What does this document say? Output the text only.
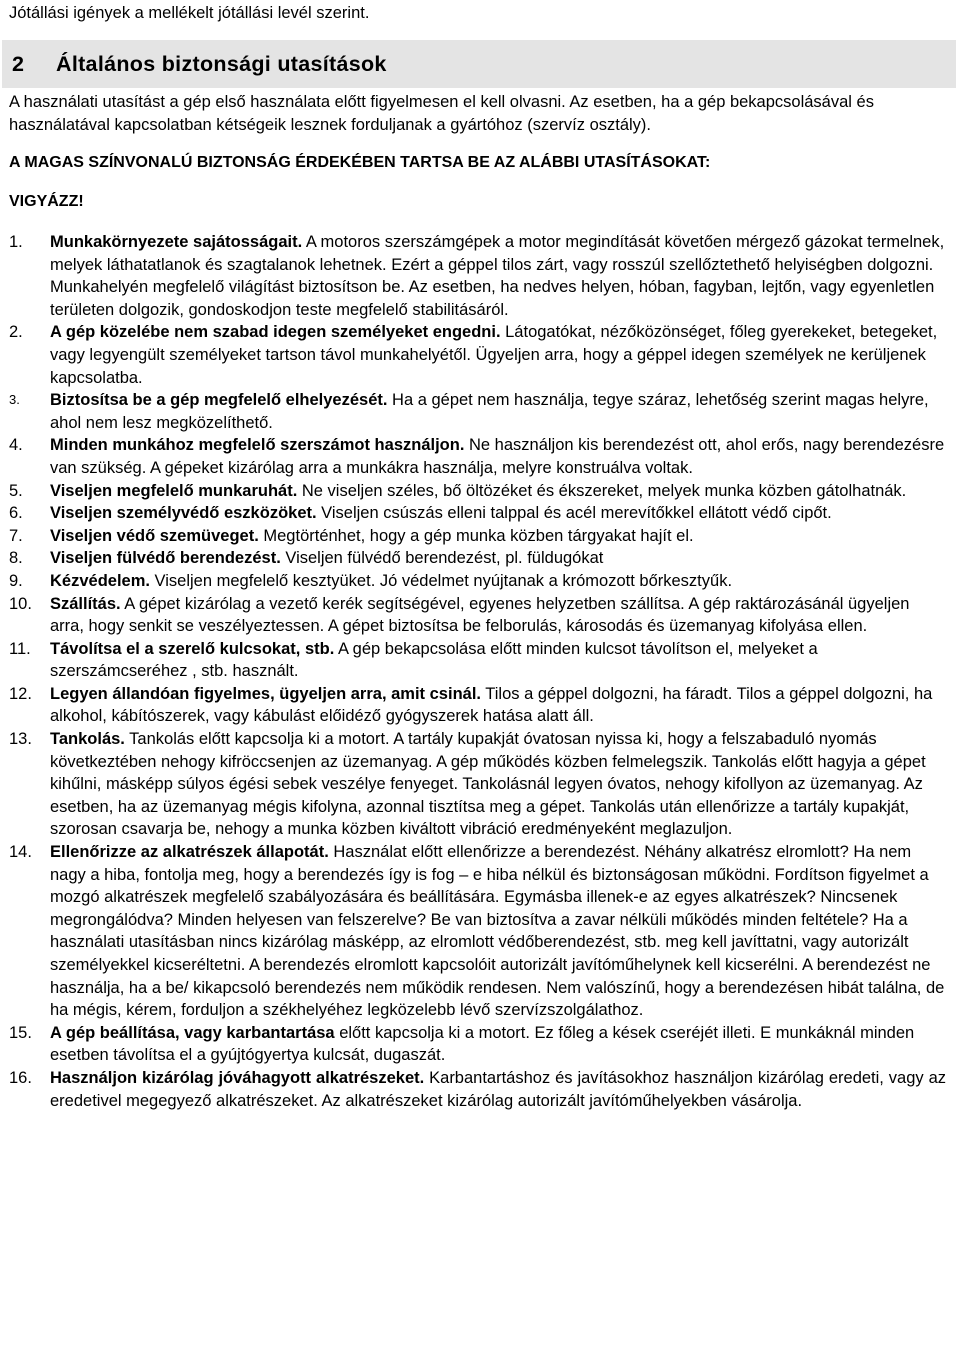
Jótállási igények a mellékelt jótállási levél szerint.
2	Általános biztonsági utasítások

A használati utasítást a gép első használata előtt figyelmesen el kell olvasni. Az esetben, ha a gép bekapcsolásával és használatával kapcsolatban kétségeik lesznek forduljanak a gyártóhoz (szervíz osztály).

A MAGAS SZÍNVONALÚ BIZTONSÁG ÉRDEKÉBEN TARTSA BE AZ ALÁBBI UTASÍTÁSOKAT:

VIGYÁZZ!

1.	Munkakörnyezete sajátosságait. A motoros szerszámgépek a motor megindítását követően mérgező gázokat termelnek, melyek láthatatlanok és szagtalanok lehetnek. Ezért a géppel tilos zárt, vagy rosszúl szellőztethető helyiségben dolgozni. Munkahelyén megfelelő világítást biztosítson be. Az esetben, ha nedves helyen, hóban, fagyban, lejtőn, vagy egyenletlen területen dolgozik, gondoskodjon teste megfelelő stabilitásáról.
2.	A gép közelébe nem szabad idegen személyeket engedni. Látogatókat, nézőközönséget, főleg gyerekeket, betegeket, vagy legyengült személyeket tartson távol munkahelyétől. Ügyeljen arra, hogy a géppel idegen személyek ne kerüljenek kapcsolatba.
3.	Biztosítsa be a gép megfelelő elhelyezését. Ha a gépet nem használja, tegye száraz, lehetőség szerint magas helyre, ahol nem lesz megközelíthető.
4.	Minden munkához megfelelő szerszámot használjon. Ne használjon kis berendezést ott, ahol erős, nagy berendezésre van szükség. A gépeket kizárólag arra a munkákra használja, melyre konstruálva voltak.
5.	Viseljen megfelelő munkaruhát. Ne viseljen széles, bő öltözéket és ékszereket, melyek munka közben gátolhatnák.
6.	Viseljen személyvédő eszközöket. Viseljen csúszás elleni talppal és acél merevítőkkel ellátott védő cipőt.
7.	Viseljen védő szemüveget. Megtörténhet, hogy a gép munka közben tárgyakat hajít el.
8.	Viseljen fülvédő berendezést. Viseljen fülvédő berendezést, pl. füldugókat
9.	Kézvédelem. Viseljen megfelelő kesztyüket. Jó védelmet nyújtanak a krómozott bőrkesztyűk.
10.	Szállítás. A gépet kizárólag a vezető kerék segítségével, egyenes helyzetben szállítsa. A gép raktározásánál ügyeljen arra, hogy senkit se veszélyeztessen. A gépet biztosítsa be felborulás, károsodás és üzemanyag kifolyása ellen.
11.	Távolítsa el a szerelő kulcsokat, stb. A gép bekapcsolása előtt minden kulcsot távolítson el, melyeket a szerszámcseréhez , stb. használt.
12.	Legyen állandóan figyelmes, ügyeljen arra, amit csinál. Tilos a géppel dolgozni, ha fáradt. Tilos a géppel dolgozni, ha alkohol, kábítószerek, vagy kábulást előidéző gyógyszerek hatása alatt áll.
13.	Tankolás. Tankolás előtt kapcsolja ki a motort. A tartály kupakját óvatosan nyissa ki, hogy a felszabaduló nyomás következtében nehogy kifröccsenjen az üzemanyag. A gép működés közben felmelegszik. Tankolás előtt hagyja a gépet kihűlni, másképp súlyos égési sebek veszélye fenyeget. Tankolásnál legyen óvatos, nehogy kifollyon az üzemanyag. Az esetben, ha az üzemanyag mégis kifolyna, azonnal tisztítsa meg a gépet. Tankolás után ellenőrizze a tartály kupakját, szorosan csavarja be, nehogy a munka közben kiváltott vibráció eredményeként meglazuljon.
14.	Ellenőrizze az alkatrészek állapotát. Használat előtt ellenőrizze a berendezést. Néhány alkatrész elromlott? Ha nem nagy a hiba, fontolja meg, hogy a berendezés így is fog – e hiba nélkül és biztonságosan működni. Fordítson figyelmet a mozgó alkatrészek megfelelő szabályozására és beállítására. Egymásba illenek-e az egyes alkatrészek? Nincsenek megrongálódva? Minden helyesen van felszerelve? Be van biztosítva a zavar nélküli működés minden feltétele? Ha a használati utasításban nincs kizárólag másképp, az elromlott védőberendezést, stb. meg kell javíttatni, vagy autorizált személyekkel kicseréltetni. A berendezés elromlott kapcsolóit autorizált javítóműhelynek kell kicserélni. A berendezést ne használja, ha a be/ kikapcsoló berendezés nem működik rendesen. Nem valószínű, hogy a berendezésen hibát találna, de ha mégis, kérem, forduljon a székhelyéhez legközelebb lévő szervízszolgálathoz.
15.	A gép beállítása, vagy karbantartása előtt kapcsolja ki a motort. Ez főleg a kések cseréjét illeti. E munkáknál minden esetben távolítsa el a gyújtógyertya kulcsát, dugaszát.
16.	Használjon kizárólag jóváhagyott alkatrészeket. Karbantartáshoz és javításokhoz használjon kizárólag eredeti, vagy az eredetivel megegyező alkatrészeket. Az alkatrészeket kizárólag autorizált javítóműhelyekben vásárolja.
